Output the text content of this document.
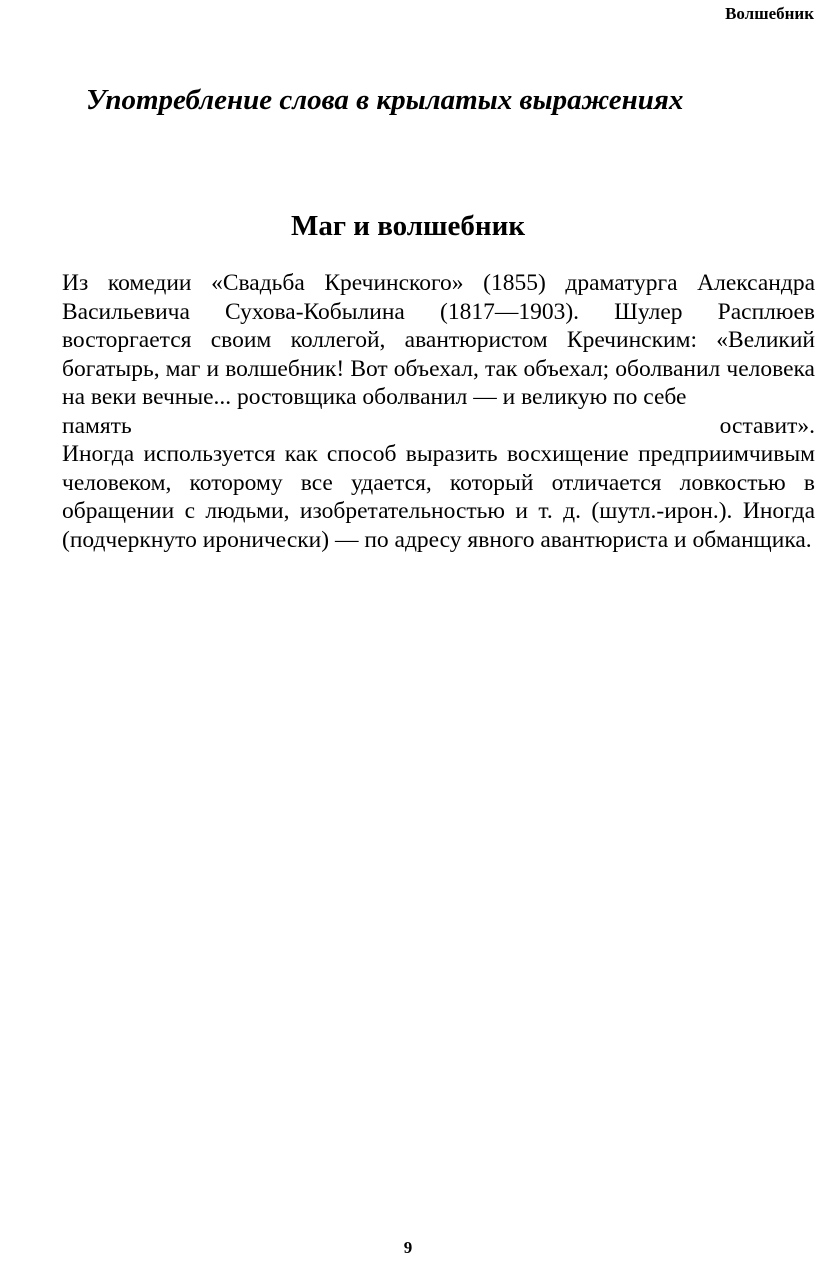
Волшебник
Употребление слова в крылатых выражениях
Маг и волшебник

Из комедии «Свадьба Кречинского» (1855) драматурга Александра Васильевича Сухова-Кобылина (1817—1903). Шулер Расплюев восторгается своим коллегой, авантюристом Кречинским: «Великий богатырь, маг и волшебник! Вот объехал, так объехал; оболванил человека на веки вечные... ростовщика оболванил — и великую по себе

память	оставит».

Иногда используется как способ выразить восхищение предприимчивым человеком, которому все удается, который отличается ловкостью в обращении с людьми, изобретательностью и т. д. (шутл.-ирон.). Иногда (подчеркнуто иронически) — по адресу явного авантюриста и обманщика.

9
